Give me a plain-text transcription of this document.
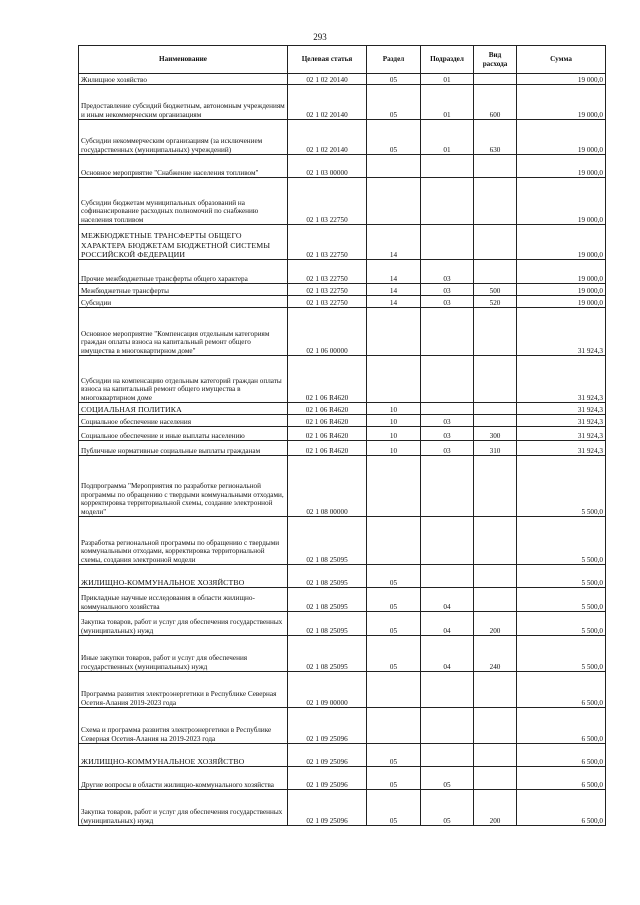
293
Наименование	Целевая статья	Раздел	Подраздел	Вид расхода	Сумма
Жилищное хозяйство	02 1 02 20140	05	01		19 000,0
Предоставление субсидий бюджетным, автономным учреждениям и иным некоммерческим организациям	02 1 02 20140	05	01	600	19 000,0
Субсидии некоммерческим организациям (за исключением государственных (муниципальных) учреждений)	02 1 02 20140	05	01	630	19 000,0
Основное мероприятие "Снабжение населения топливом"	02 1 03 00000				19 000,0
Субсидии бюджетам муниципальных образований на софинансирование расходных полномочий по снабжению населения топливом	02 1 03 22750				19 000,0
МЕЖБЮДЖЕТНЫЕ ТРАНСФЕРТЫ ОБЩЕГО ХАРАКТЕРА БЮДЖЕТАМ БЮДЖЕТНОЙ СИСТЕМЫ РОССИЙСКОЙ ФЕДЕРАЦИИ	02 1 03 22750	14			19 000,0
Прочие межбюджетные трансферты общего характера	02 1 03 22750	14	03		19 000,0
Межбюджетные трансферты	02 1 03 22750	14	03	500	19 000,0
Субсидии	02 1 03 22750	14	03	520	19 000,0
Основное мероприятие "Компенсация отдельным категориям граждан оплаты взноса на капитальный ремонт общего имущества в многоквартирном доме"	02 1 06 00000				31 924,3
Субсидии на компенсацию отдельным категорий граждан оплаты взноса на капитальный ремонт общего имущества в многоквартирном доме	02 1 06 R4620				31 924,3
СОЦИАЛЬНАЯ ПОЛИТИКА	02 1 06 R4620	10			31 924,3
Социальное обеспечение населения	02 1 06 R4620	10	03		31 924,3
Социальное обеспечение и иные выплаты населению	02 1 06 R4620	10	03	300	31 924,3
Публичные нормативные социальные выплаты гражданам	02 1 06 R4620	10	03	310	31 924,3
Подпрограмма "Мероприятия по разработке региональной программы по обращению с твердыми коммунальными отходами, корректировка территориальной схемы, создание электронной модели"	02 1 08 00000				5 500,0
Разработка региональной программы по обращению с твердыми коммунальными отходами, корректировка территориальной схемы, создания электронной модели	02 1 08 25095				5 500,0
ЖИЛИЩНО-КОММУНАЛЬНОЕ ХОЗЯЙСТВО	02 1 08 25095	05			5 500,0
Прикладные научные исследования в области жилищно-коммунального хозяйства	02 1 08 25095	05	04		5 500,0
Закупка товаров, работ и услуг для обеспечения государственных (муниципальных) нужд	02 1 08 25095	05	04	200	5 500,0
Иные закупки товаров, работ и услуг для обеспечения государственных (муниципальных) нужд	02 1 08 25095	05	04	240	5 500,0
Программа развития электроэнергетики в Республике Северная Осетия-Алания 2019-2023 года	02 1 09 00000				6 500,0
Схема и программа развития электроэнергетики в Республике Северная Осетия-Алания на 2019-2023 года	02 1 09 25096				6 500,0
ЖИЛИЩНО-КОММУНАЛЬНОЕ ХОЗЯЙСТВО	02 1 09 25096	05			6 500,0
Другие вопросы в области жилищно-коммунального хозяйства	02 1 09 25096	05	05		6 500,0
Закупка товаров, работ и услуг для обеспечения государственных (муниципальных) нужд	02 1 09 25096	05	05	200	6 500,0
